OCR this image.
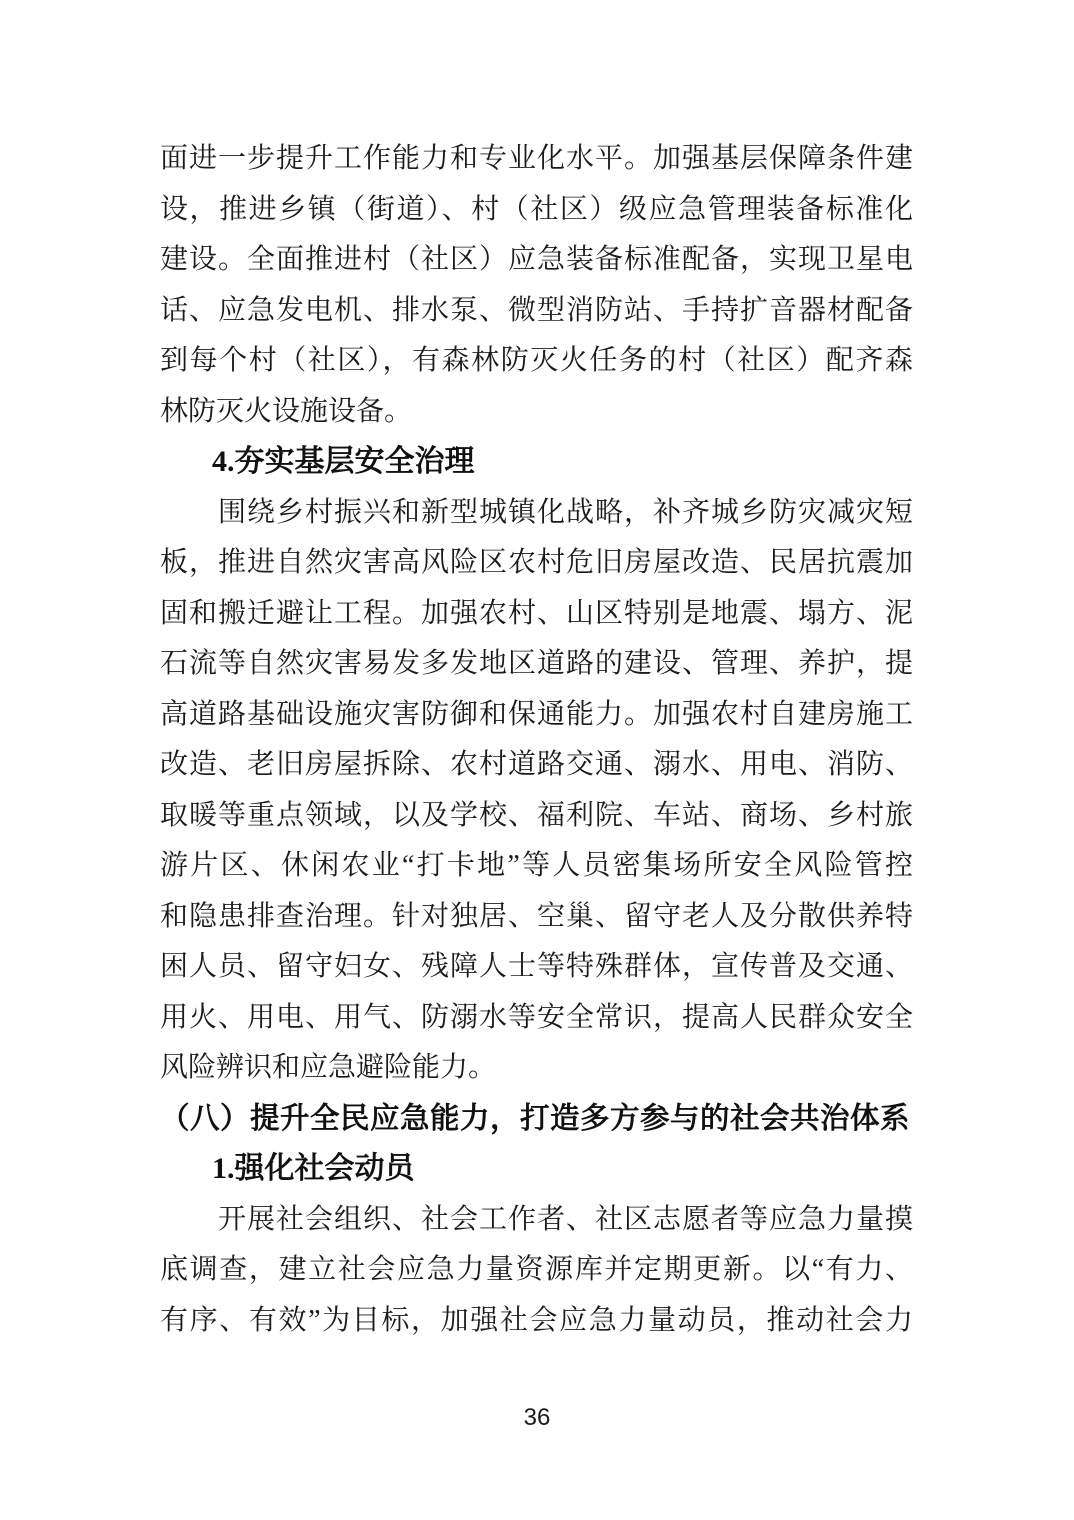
面进一步提升工作能力和专业化水平。加强基层保障条件建
设，推进乡镇（街道）、村（社区）级应急管理装备标准化
建设。全面推进村（社区）应急装备标准配备，实现卫星电
话、应急发电机、排水泵、微型消防站、手持扩音器材配备
到每个村（社区），有森林防灭火任务的村（社区）配齐森
林防灭火设施设备。
4.夯实基层安全治理
围绕乡村振兴和新型城镇化战略，补齐城乡防灾减灾短
板，推进自然灾害高风险区农村危旧房屋改造、民居抗震加
固和搬迁避让工程。加强农村、山区特别是地震、塌方、泥
石流等自然灾害易发多发地区道路的建设、管理、养护，提
高道路基础设施灾害防御和保通能力。加强农村自建房施工
改造、老旧房屋拆除、农村道路交通、溺水、用电、消防、
取暖等重点领域，以及学校、福利院、车站、商场、乡村旅
游片区、休闲农业“打卡地”等人员密集场所安全风险管控
和隐患排查治理。针对独居、空巢、留守老人及分散供养特
困人员、留守妇女、残障人士等特殊群体，宣传普及交通、
用火、用电、用气、防溺水等安全常识，提高人民群众安全
风险辨识和应急避险能力。
（八）提升全民应急能力，打造多方参与的社会共治体系
1.强化社会动员
开展社会组织、社会工作者、社区志愿者等应急力量摸
底调查，建立社会应急力量资源库并定期更新。以“有力、
有序、有效”为目标，加强社会应急力量动员，推动社会力
36
